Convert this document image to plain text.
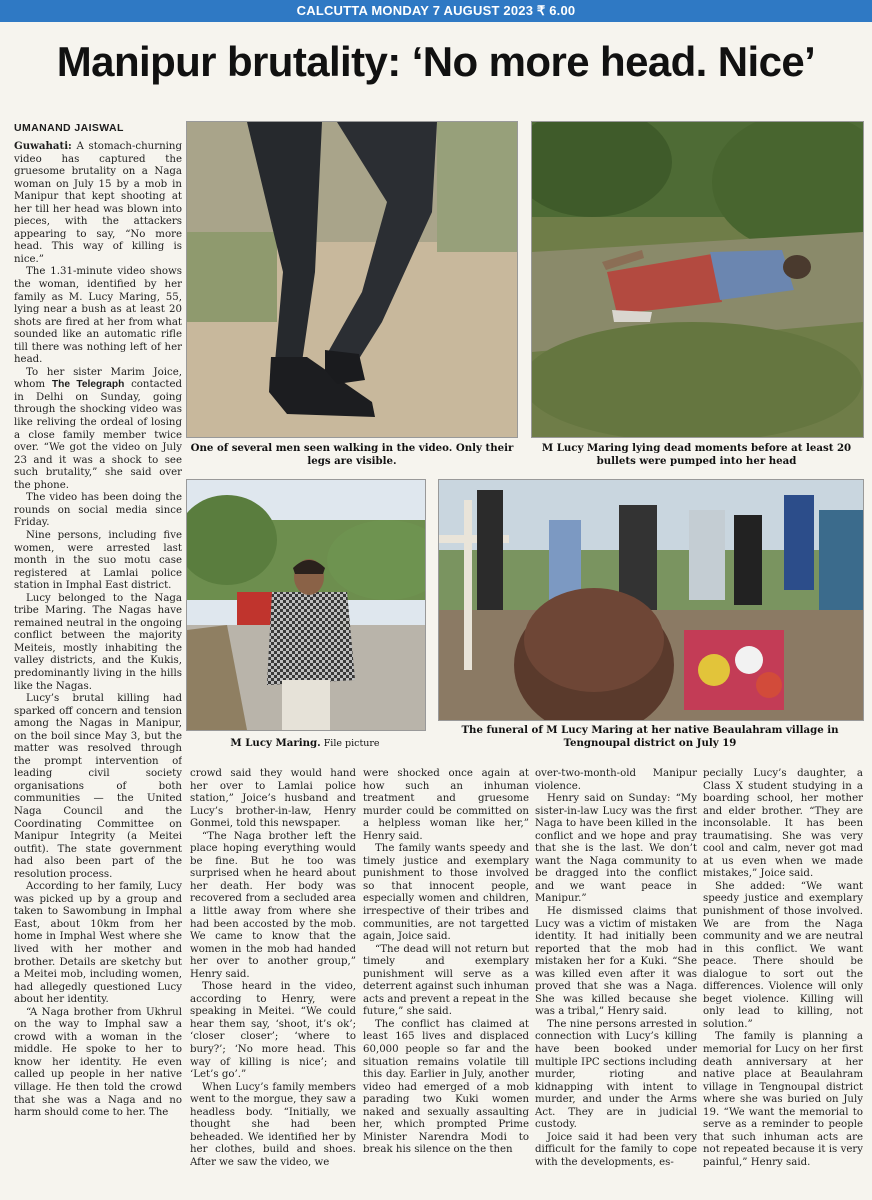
CALCUTTA MONDAY 7 AUGUST 2023 ₹ 6.00
Manipur brutality: ‘No more head. Nice’
UMANAND JAISWAL

Guwahati: A stomach-churning video has captured the gruesome brutality on a Naga woman on July 15 by a mob in Manipur that kept shooting at her till her head was blown into pieces, with the attackers appearing to say, “No more head. This way of killing is nice.”

The 1.31-minute video shows the woman, identified by her family as M. Lucy Maring, 55, lying near a bush as at least 20 shots are fired at her from what sounded like an automatic rifle till there was nothing left of her head.

To her sister Marim Joice, whom The Telegraph contacted in Delhi on Sunday, going through the shocking video was like reliving the ordeal of losing a close family member twice over. “We got the video on July 23 and it was a shock to see such brutality,” she said over the phone.

The video has been doing the rounds on social media since Friday.

Nine persons, including five women, were arrested last month in the suo motu case registered at Lamlai police station in Imphal East district.

Lucy belonged to the Naga tribe Maring. The Nagas have remained neutral in the ongoing conflict between the majority Meiteis, mostly inhabiting the valley districts, and the Kukis, predominantly living in the hills like the Nagas.

Lucy’s brutal killing had sparked off concern and tension among the Nagas in Manipur, on the boil since May 3, but the matter was resolved through the prompt intervention of leading civil society organisations of both communities — the United Naga Council and the Coordinating Committee on Manipur Integrity (a Meitei outfit). The state government had also been part of the resolution process.

According to her family, Lucy was picked up by a group and taken to Sawombung in Imphal East, about 10km from her home in Imphal West where she lived with her mother and brother. Details are sketchy but a Meitei mob, including women, had allegedly questioned Lucy about her identity.

“A Naga brother from Ukhrul on the way to Imphal saw a crowd with a woman in the middle. He spoke to her to know her identity. He even called up people in her native village. He then told the crowd that she was a Naga and no harm should come to her. The

One of several men seen walking in the video. Only their legs are visible.
M Lucy Maring lying dead moments before at least 20 bullets were pumped into her head
M Lucy Maring. File picture
The funeral of M Lucy Maring at her native Beaulahram village in Tengnoupal district on July 19

crowd said they would hand her over to Lamlai police station,” Joice’s husband and Lucy’s brother-in-law, Henry Gonmei, told this newspaper.

“The Naga brother left the place hoping everything would be fine. But he too was surprised when he heard about her death. Her body was recovered from a secluded area a little away from where she had been accosted by the mob. We came to know that the women in the mob had handed her over to another group,” Henry said.

Those heard in the video, according to Henry, were speaking in Meitei. “We could hear them say, ‘shoot, it’s ok’; ‘closer closer’; ‘where to bury?’; ‘No more head. This way of killing is nice’; and ‘Let’s go’.”

When Lucy’s family members went to the morgue, they saw a headless body. “Initially, we thought she had been beheaded. We identified her by her clothes, build and shoes. After we saw the video, we

were shocked once again at how such an inhuman treatment and gruesome murder could be committed on a helpless woman like her,” Henry said.

The family wants speedy and timely justice and exemplary punishment to those involved so that innocent people, especially women and children, irrespective of their tribes and communities, are not targetted again, Joice said.

“The dead will not return but timely and exemplary punishment will serve as a deterrent against such inhuman acts and prevent a repeat in the future,” she said.

The conflict has claimed at least 165 lives and displaced 60,000 people so far and the situation remains volatile till this day. Earlier in July, another video had emerged of a mob parading two Kuki women naked and sexually assaulting her, which prompted Prime Minister Narendra Modi to break his silence on the then

over-two-month-old Manipur violence.

Henry said on Sunday: “My sister-in-law Lucy was the first Naga to have been killed in the conflict and we hope and pray that she is the last. We don’t want the Naga community to be dragged into the conflict and we want peace in Manipur.”

He dismissed claims that Lucy was a victim of mistaken identity. It had initially been reported that the mob had mistaken her for a Kuki. “She was killed even after it was proved that she was a Naga. She was killed because she was a tribal,” Henry said.

The nine persons arrested in connection with Lucy’s killing have been booked under multiple IPC sections including murder, rioting and kidnapping with intent to murder, and under the Arms Act. They are in judicial custody.

Joice said it had been very difficult for the family to cope with the developments, es-

pecially Lucy’s daughter, a Class X student studying in a boarding school, her mother and elder brother. “They are inconsolable. It has been traumatising. She was very cool and calm, never got mad at us even when we made mistakes,” Joice said.

She added: “We want speedy justice and exemplary punishment of those involved. We are from the Naga community and we are neutral in this conflict. We want peace. There should be dialogue to sort out the differences. Violence will only beget violence. Killing will only lead to killing, not solution.”

The family is planning a memorial for Lucy on her first death anniversary at her native place at Beaulahram village in Tengnoupal district where she was buried on July 19. “We want the memorial to serve as a reminder to people that such inhuman acts are not repeated because it is very painful,” Henry said.
